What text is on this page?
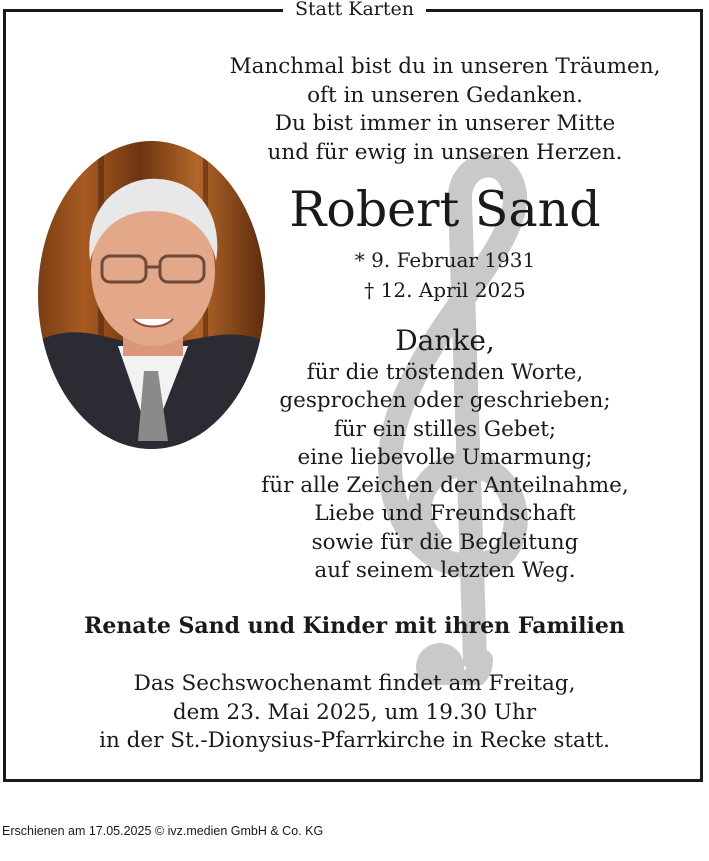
Statt Karten
Manchmal bist du in unseren Träumen,
oft in unseren Gedanken.
Du bist immer in unserer Mitte
und für ewig in unseren Herzen.
Robert Sand
* 9. Februar 1931
† 12. April 2025
Danke,
für die tröstenden Worte,
gesprochen oder geschrieben;
für ein stilles Gebet;
eine liebevolle Umarmung;
für alle Zeichen der Anteilnahme,
Liebe und Freundschaft
sowie für die Begleitung
auf seinem letzten Weg.
Renate Sand und Kinder mit ihren Familien
Das Sechswochenamt findet am Freitag,
dem 23. Mai 2025, um 19.30 Uhr
in der St.-Dionysius-Pfarrkirche in Recke statt.
Erschienen am 17.05.2025 © ivz.medien GmbH & Co. KG
